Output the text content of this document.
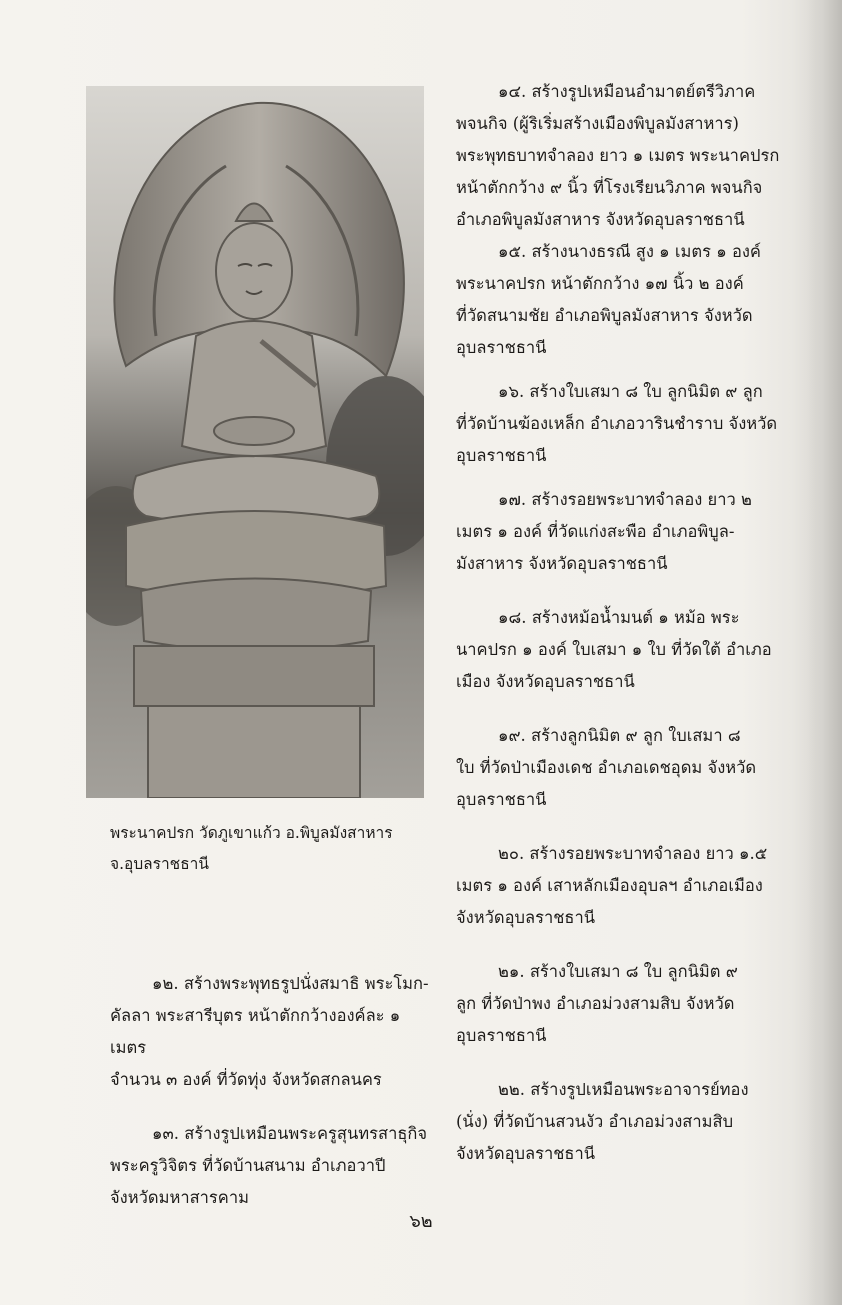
พระนาคปรก วัดภูเขาแก้ว อ.พิบูลมังสาหาร
จ.อุบลราชธานี

๑๔. สร้างรูปเหมือนอำมาตย์ตรีวิภาค

พจนกิจ (ผู้ริเริ่มสร้างเมืองพิบูลมังสาหาร)

พระพุทธบาทจำลอง ยาว ๑ เมตร พระนาคปรก

หน้าตักกว้าง ๙ นิ้ว ที่โรงเรียนวิภาค พจนกิจ

อำเภอพิบูลมังสาหาร จังหวัดอุบลราชธานี

๑๕. สร้างนางธรณี สูง ๑ เมตร ๑ องค์

พระนาคปรก หน้าตักกว้าง ๑๗ นิ้ว ๒ องค์

ที่วัดสนามชัย อำเภอพิบูลมังสาหาร จังหวัด

อุบลราชธานี

๑๖. สร้างใบเสมา ๘ ใบ ลูกนิมิต ๙ ลูก

ที่วัดบ้านฆ้องเหล็ก อำเภอวารินชำราบ จังหวัด

อุบลราชธานี

๑๗. สร้างรอยพระบาทจำลอง ยาว ๒

เมตร ๑ องค์ ที่วัดแก่งสะพือ อำเภอพิบูล-

มังสาหาร จังหวัดอุบลราชธานี

๑๘. สร้างหม้อน้ำมนต์ ๑ หม้อ พระ

นาคปรก ๑ องค์ ใบเสมา ๑ ใบ ที่วัดใต้ อำเภอ

เมือง จังหวัดอุบลราชธานี

๑๙. สร้างลูกนิมิต ๙ ลูก ใบเสมา ๘

ใบ ที่วัดป่าเมืองเดช อำเภอเดชอุดม จังหวัด

อุบลราชธานี

๒๐. สร้างรอยพระบาทจำลอง ยาว ๑.๕

เมตร ๑ องค์ เสาหลักเมืองอุบลฯ อำเภอเมือง

จังหวัดอุบลราชธานี

๒๑. สร้างใบเสมา ๘ ใบ ลูกนิมิต ๙

ลูก ที่วัดป่าพง อำเภอม่วงสามสิบ จังหวัด

อุบลราชธานี

๒๒. สร้างรูปเหมือนพระอาจารย์ทอง

(นั่ง) ที่วัดบ้านสวนงัว อำเภอม่วงสามสิบ

จังหวัดอุบลราชธานี

๑๒. สร้างพระพุทธรูปนั่งสมาธิ พระโมก-

คัลลา พระสารีบุตร หน้าตักกว้างองค์ละ ๑ เมตร

จำนวน ๓ องค์ ที่วัดทุ่ง จังหวัดสกลนคร

๑๓. สร้างรูปเหมือนพระครูสุนทรสาธุกิจ

พระครูวิจิตร ที่วัดบ้านสนาม อำเภอวาปี

จังหวัดมหาสารคาม

๖๒
